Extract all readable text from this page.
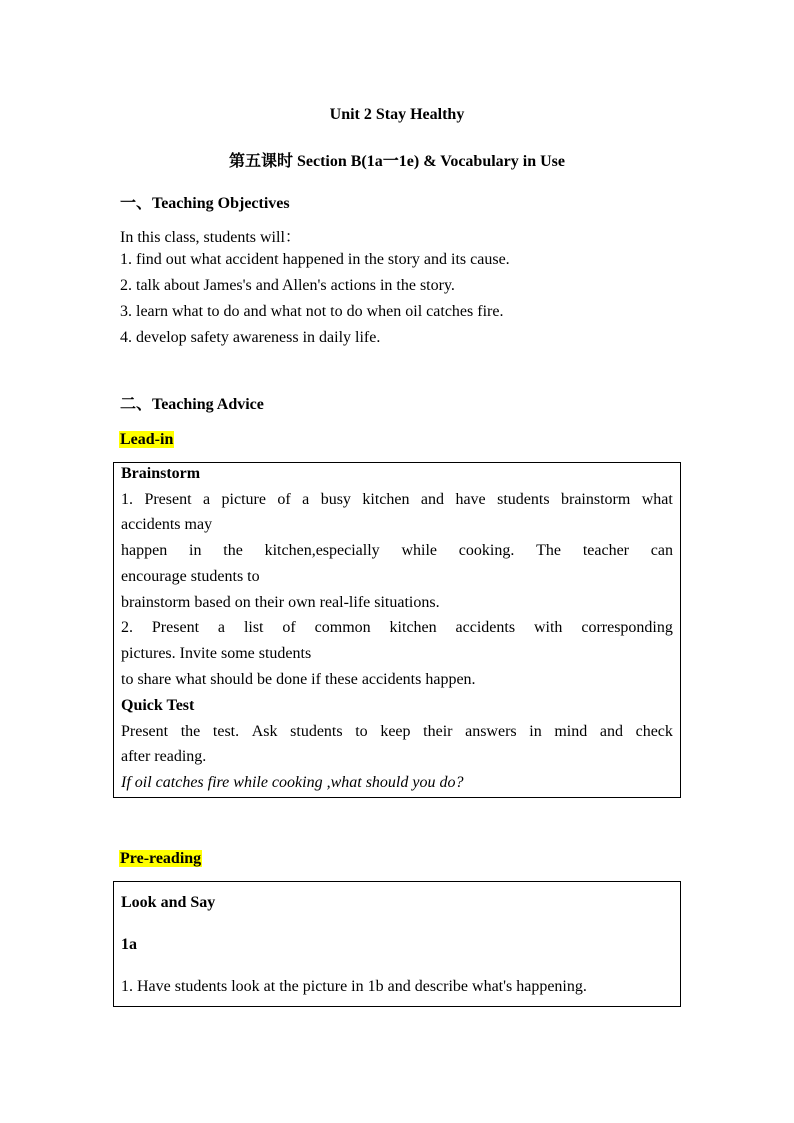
Unit 2 Stay Healthy
第五课时 Section B(1a一1e) & Vocabulary in Use
一、Teaching Objectives
In this class, students will：
1. find out what accident happened in the story and its cause.
2. talk about James's and Allen's actions in the story.
3. learn what to do and what not to do when oil catches fire.
4. develop safety awareness in daily life.
二、Teaching Advice
Lead-in
Brainstorm
1. Present a picture of a busy kitchen and have students brainstorm what
accidents may
happen in the kitchen,especially while cooking. The teacher can
encourage students to
brainstorm based on their own real-life situations.
2. Present a list of common kitchen accidents with corresponding
pictures. Invite some students
to share what should be done if these accidents happen.
Quick Test
Present the test. Ask students to keep their answers in mind and check
after reading.
If oil catches fire while cooking ,what should you do?
Pre-reading
Look and Say
1a
1. Have students look at the picture in 1b and describe what's happening.
